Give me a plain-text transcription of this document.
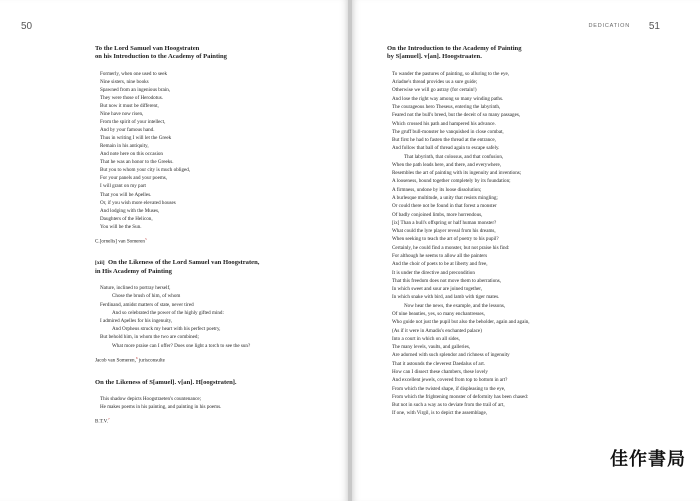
50
To the Lord Samuel van Hoogstraten
on his Introduction to the Academy of Painting
Formerly, when one used to seek
Nine sisters, nine books
Spawned from an ingenious brain,
They were those of Herodotus.
But now it must be different,
Nine have now risen,
From the spirit of your intellect,
And by your famous hand.
Thus in writing I will let the Greek
Remain in his antiquity,
And note here on this occasion
That he was an honor to the Greeks.
But you to whom your city is much obliged,
For your panels and your poems,
I will grant on my part
That you will be Apelles.
Or, if you wish more elevated houses
And lodging with the Muses,
Daughters of the Helicon,
You will be the Sun.

C.[ornelis] van Someren$^5$

[xii] On the Likeness of the Lord Samuel van Hoogstraten,
in His Academy of Painting
Nature, inclined to portray herself,
Chose the brush of him, of whom
Ferdinand, amidst matters of state, never tired
And so celebrated the power of the highly gifted mind:
I admired Apelles for his ingenuity,
And Orpheus struck my heart with his perfect poetry,
But behold him, in whom the two are combined;
What more praise can I offer? Does one light a torch to see the sun?

Jacob van Someren,$^6$ jurisconsulte

On the Likeness of S[amuel]. v[an]. H[oogstraten].
This shadow depicts Hoogstraeten's countenance;
He makes poems in his painting, and painting in his poems.

B.T.V.$^7$

DEDICATION 51
On the Introduction to the Academy of Painting
by S[amuel]. v[an]. Hoogstraaten.
To wander the pastures of painting, so alluring to the eye,
Ariadne's thread provides us a sure guide;
Otherwise we will go astray (for certain!)
And lose the right way among so many winding paths.
The courageous hero Theseus, entering the labyrinth,
Feared not the bull's breed, but the deceit of so many passages,
Which crossed his path and hampered his advance.
The gruff bull-monster he vanquished in close combat,
But first he had to fasten the thread at the entrance,
And follow that ball of thread again to escape safely.
That labyrinth, that colossus, and that confusion,
When the path leads here, and there, and everywhere,
Resembles the art of painting with its ingenuity and inventions;
A looseness, bound together completely by its foundation;
A firmness, undone by its loose dissolution;
A burlesque multitude, a unity that resists mingling;
Or could there not be found in that forest a monster
Of badly conjoined limbs, more horrendous,
[ix] Than a bull's offspring or half human monster?
What could the lyre player reveal from his dreams,
When seeking to teach the art of poetry to his pupil?
Certainly, he could find a monster, but not praise his find:
For although he seems to allow all the painters
And the choir of poets to be at liberty and free,
It is under the directive and precondition
That this freedom does not move them to aberrations,
In which sweet and sour are joined together,
In which snake with bird, and lamb with tiger mates.
Now hear the news, the example, and the lessons,
Of nine beauties, yes, so many enchantresses,
Who guide not just the pupil but also the beholder, again and again,
(As if it were in Amadis's enchanted palace)
Into a court in which on all sides,
The many levels, vaults, and galleries,
Are adorned with such splendor and richness of ingenuity
That it astounds the cleverest Daedalus of art.
How can I dissect these chambers, these lovely
And excellent jewels, covered from top to bottom in art?
From which the twisted shape, if displeasing to the eye,
From which the frightening monster of deformity has been chased:
But not in such a way as to deviate from the trail of art,
If one, with Virgil, is to depict the assemblage,
佳作書局
